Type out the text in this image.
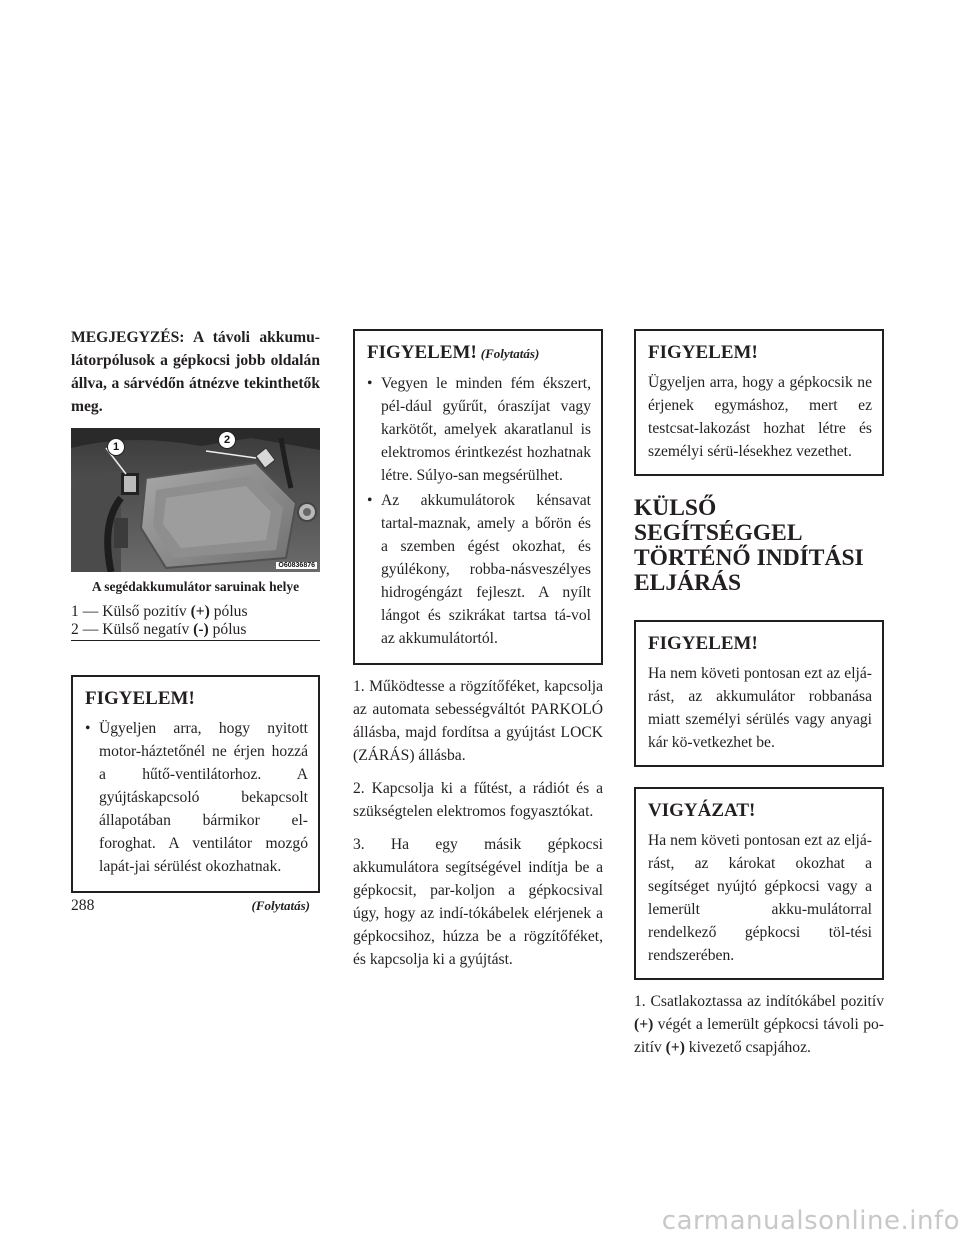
MEGJEGYZÉS: A távoli akkumu-látorpólusok a gépkocsi jobb oldalán állva, a sárvédőn átnézve tekinthetők meg.

1
2
O60836876
A segédakkumulátor saruinak helye
1 — Külső pozitív (+) pólus
2 — Külső negatív (-) pólus
FIGYELEM!
• Ügyeljen arra, hogy nyitott motor-háztetőnél ne érjen hozzá a hűtő-ventilátorhoz. A gyújtáskapcsoló bekapcsolt állapotában bármikor el-foroghat. A ventilátor mozgó lapát-jai sérülést okozhatnak.
(Folytatás)
FIGYELEM! (Folytatás)
• Vegyen le minden fém ékszert, pél-dául gyűrűt, óraszíjat vagy karkötőt, amelyek akaratlanul is elektromos érintkezést hozhatnak létre. Súlyo-san megsérülhet.
• Az akkumulátorok kénsavat tartal-maznak, amely a bőrön és a szemben égést okozhat, és gyúlékony, robba-násveszélyes hidrogéngázt fejleszt. A nyílt lángot és szikrákat tartsa tá-vol az akkumulátortól.

1. Működtesse a rögzítőféket, kapcsolja az automata sebességváltót PARKOLÓ állásba, majd fordítsa a gyújtást LOCK (ZÁRÁS) állásba.

2. Kapcsolja ki a fűtést, a rádiót és a szükségtelen elektromos fogyasztókat.

3. Ha egy másik gépkocsi akkumulátora segítségével indítja be a gépkocsit, par-koljon a gépkocsival úgy, hogy az indí-tókábelek elérjenek a gépkocsihoz, húzza be a rögzítőféket, és kapcsolja ki a gyújtást.

FIGYELEM!

Ügyeljen arra, hogy a gépkocsik ne érjenek egymáshoz, mert ez testcsat-lakozást hozhat létre és személyi sérü-lésekhez vezethet.

KÜLSŐ SEGÍTSÉGGEL
TÖRTÉNŐ INDÍTÁSI
ELJÁRÁS
FIGYELEM!

Ha nem követi pontosan ezt az eljá-rást, az akkumulátor robbanása miatt személyi sérülés vagy anyagi kár kö-vetkezhet be.

VIGYÁZAT!

Ha nem követi pontosan ezt az eljá-rást, az károkat okozhat a segítséget nyújtó gépkocsi vagy a lemerült akku-mulátorral rendelkező gépkocsi töl-tési rendszerében.

1. Csatlakoztassa az indítókábel pozitív (+) végét a lemerült gépkocsi távoli po-zitív (+) kivezető csapjához.

288
carmanualsonline.info
